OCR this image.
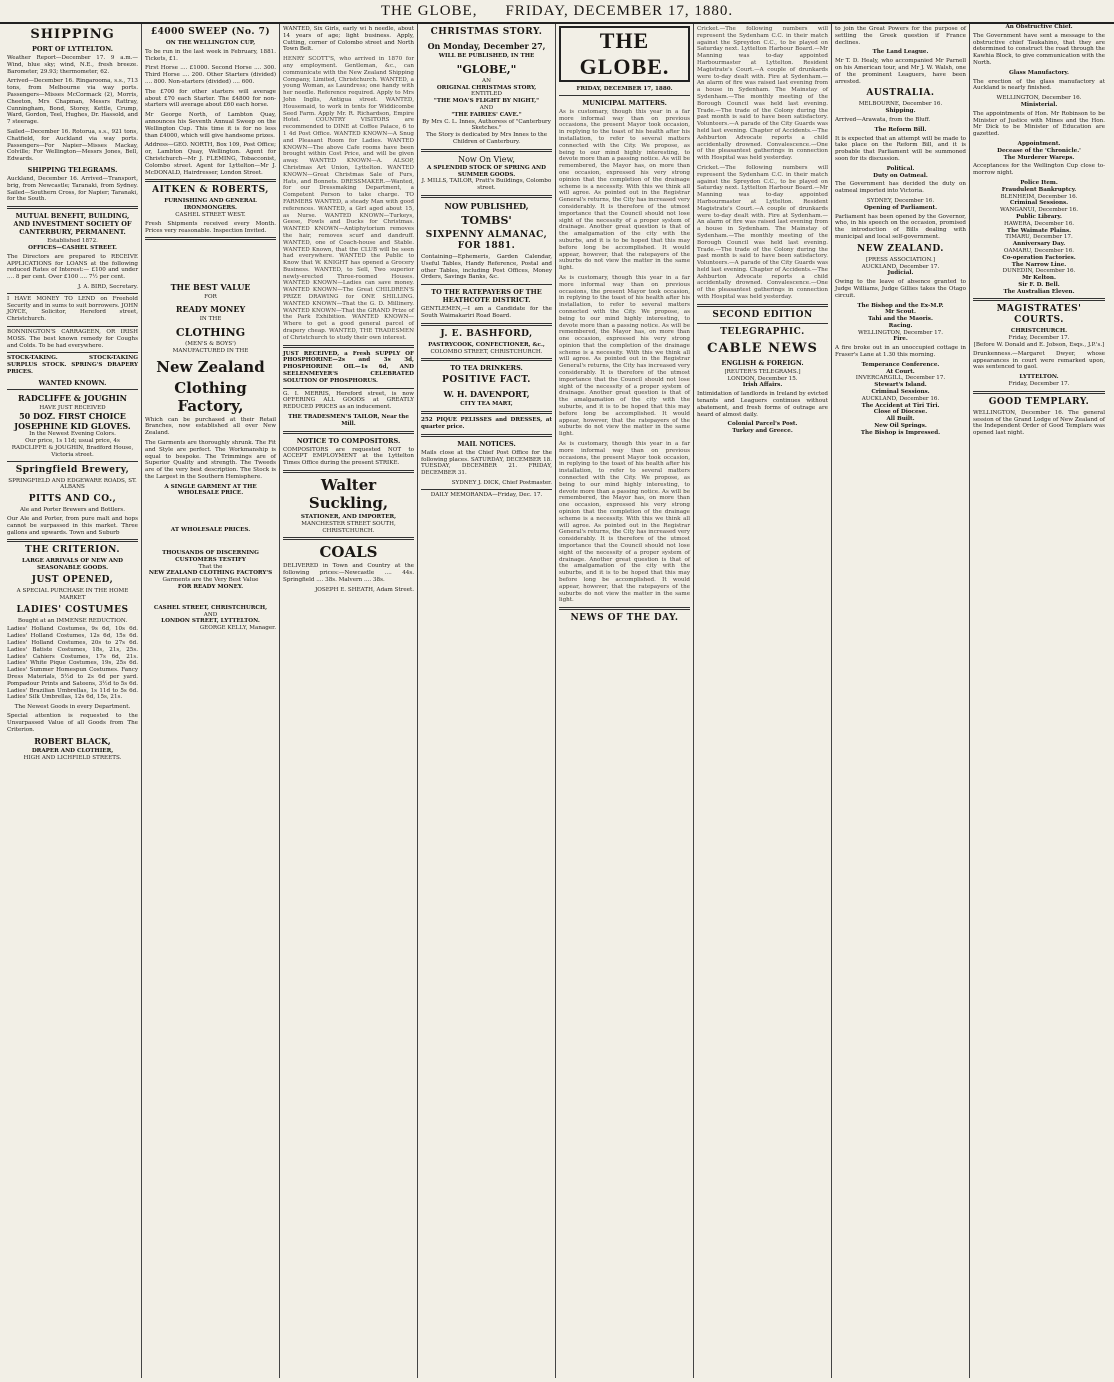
THE GLOBE, FRIDAY, DECEMBER 17, 1880.
SHIPPING
PORT OF LYTTELTON.
Weather Report—December 17. 9 a.m.—Wind, blue sky; wind, N.E., fresh breeze. Barometer, 29.93; thermometer, 62.
Arrived—December 16. Ringarooma, s.s., 713 tons, from Melbourne via way ports. Passengers—Misses McCormack (2), Morris, Cheeton, Mrs Chapman, Messrs Rattray, Cunningham, Bond, Storey, Kettle, Crump, Ward, Gordon, Teel, Hughes, Dr. Hassold, and 7 steerage.
Sailed—December 16. Rotorua, s.s., 921 tons, Chatfield, for Auckland via way ports. Passengers—For Napier—Misses Mackay, Colville; For Wellington—Messrs Jones, Bell, Edwards.
SHIPPING TELEGRAMS.
Auckland, December 16. Arrived—Transport, brig, from Newcastle; Taranaki, from Sydney. Sailed—Southern Cross, for Napier; Taranaki, for the South.
MUTUAL BENEFIT, BUILDING, AND INVESTMENT SOCIETY OF CANTERBURY, PERMANENT.
Established 1872.
OFFICES—CASHEL STREET.
The Directors are prepared to RECEIVE APPLICATIONS for LOANS at the following reduced Rates of Interest:— £100 and under .... 8 per cent. Over £100 .... 7½ per cent.
J. A. BIRD, Secretary.
I HAVE MONEY TO LEND on Freehold Security and in sums to suit borrowers. JOHN JOYCE, Solicitor, Hereford street, Christchurch.
BONNINGTON'S CARRAGEEN, OR IRISH MOSS. The best known remedy for Coughs and Colds. To be had everywhere.
STOCK-TAKING. STOCK-TAKING SURPLUS STOCK. SPRING'S DRAPERY PRICES.
WANTED KNOWN.
RADCLIFFE & JOUGHIN
HAVE JUST RECEIVED
50 DOZ. FIRST CHOICE JOSEPHINE KID GLOVES.
In the Newest Evening Colors.
Our price, 1s 11d; usual price, 4s
RADCLIFFE & JOUGHIN, Bradford House, Victoria street.
Springfield Brewery,
SPRINGFIELD AND EDGEWARE ROADS, ST. ALBANS
PITTS AND CO.,
Ale and Porter Brewers and Bottlers.
Our Ale and Porter, from pure malt and hops cannot be surpassed in this market. Three gallons and upwards. Town and Suburb
THE CRITERION.
LARGE ARRIVALS OF NEW AND SEASONABLE GOODS.
JUST OPENED,
A SPECIAL PURCHASE IN THE HOME MARKET
LADIES' COSTUMES
Bought at an IMMENSE REDUCTION.
Ladies' Holland Costumes, 9s 6d, 10s 6d. Ladies' Holland Costumes, 12s 6d, 15s 6d. Ladies' Holland Costumes, 20s to 27s 6d. Ladies' Batiste Costumes, 18s, 21s, 25s. Ladies' Cahiers Costumes, 17s 6d, 21s. Ladies' White Pique Costumes, 19s, 25s 6d. Ladies' Summer Homespun Costumes. Fancy Dress Materials, 5½d to 2s 6d per yard. Pompadour Prints and Sateens, 3½d to 5s 6d. Ladies' Brazilian Umbrellas, 1s 11d to 5s 6d. Ladies' Silk Umbrellas, 12s 6d, 15s, 21s.
The Newest Goods in every Department.
Special attention is requested to the Unsurpassed Value of all Goods from The Criterion.
ROBERT BLACK,
DRAPER AND CLOTHIER,
HIGH AND LICHFIELD STREETS.
£4000 SWEEP (No. 7)
ON THE WELLINGTON CUP,
To be run in the last week in February, 1881. Tickets, £1.
First Horse .... £1000. Second Horse .... 300. Third Horse .... 200. Other Starters (divided) .... 800. Non-starters (divided) .... 600.
The £700 for other starters will average about £70 each Starter. The £4800 for non-starters will average about £60 each horse.
Mr George North, of Lambton Quay, announces his Seventh Annual Sweep on the Wellington Cup. This time it is for no less than £4000, which will give handsome prizes.
Address—GEO. NORTH, Box 109, Post Office; or, Lambton Quay, Wellington. Agent for Christchurch—Mr J. FLEMING, Tobacconist, Colombo street. Agent for Lyttelton—Mr J. McDONALD, Hairdresser, London Street.
AITKEN & ROBERTS,
FURNISHING AND GENERAL IRONMONGERS.
CASHEL STREET WEST.
Fresh Shipments received every Month. Prices very reasonable. Inspection Invited.
THE BEST VALUE
FOR
READY MONEY
IN THE
CLOTHING
(MEN'S & BOYS')
MANUFACTURED IN THE
New Zealand
Clothing Factory,
Which can be purchased at their Retail Branches, now established all over New Zealand.
The Garments are thoroughly shrunk. The Fit and Style are perfect. The Workmanship is equal to bespoke. The Trimmings are of Superior Quality and strength. The Tweeds are of the very best description. The Stock is the Largest in the Southern Hemisphere.
A SINGLE GARMENT AT THE WHOLESALE PRICE.
AT WHOLESALE PRICES.
THOUSANDS OF DISCERNING CUSTOMERS TESTIFY
That the
NEW ZEALAND CLOTHING FACTORY'S
Garments are the Very Best Value
FOR READY MONEY.
CASHEL STREET, CHRISTCHURCH,
AND
LONDON STREET, LYTTELTON.
GEORGE KELLY, Manager.
WANTED, Six Girls, early wi h needle, about 14 years of age; light business. Apply, Cutting, corner of Colombo street and North Town Belt.
HENRY SCOTT'S, who arrived in 1870 for any employment. Gentleman, &c., can communicate with the New Zealand Shipping Company, Limited, Christchurch. WANTED, a young Woman, as Laundress; one handy with her needle. Reference required. Apply to Mrs John Inglis, Antigua street. WANTED, Housemaid, to work in tents for Widdicombe Seed Farm. Apply Mr. R. Richardson, Empire Hotel. COUNTRY VISITORS are recommended to DINE at Coffee Palace, 6 to 1 4d Post Office. WANTED KNOWN—A Snug and Pleasant Room for Ladies. WANTED KNOWN—The above Cafe rooms have been brought within Cost Price, and will be given away. WANTED KNOWN—A. ALSOP, Christmas Art Union, Lyttelton. WANTED KNOWN—Great Christmas Sale of Furs, Hats, and Bonnets. DRESSMAKER.—Wanted, for our Dressmaking Department, a Competent Person to take charge. TO FARMERS WANTED, a steady Man with good references. WANTED, a Girl aged about 15, as Nurse. WANTED KNOWN—Turkeys, Geese, Fowls and Ducks for Christmas. WANTED KNOWN—Antiphytorium removes the hair, removes scurf and dandruff. WANTED, one of Coach-house and Stable. WANTED Known, that the CLUB will be seen had everywhere. WANTED the Public to Know that W. KNIGHT has opened a Grocery Business. WANTED, to Sell, Two superior newly-erected Three-roomed Houses. WANTED KNOWN—Ladies can save money. WANTED KNOWN—The Great CHILDREN'S PRIZE DRAWING for ONE SHILLING. WANTED KNOWN—That the G. D. Millinery. WANTED KNOWN—That the GRAND Prize of the Park Exhibition. WANTED KNOWN—Where to get a good general parcel of drapery cheap. WANTED, THE TRADESMEN of Christchurch to study their own interest.
JUST RECEIVED, a Fresh SUPPLY OF PHOSPHORINE—2s and 3s 3d, PHOSPHORINE OIL—1s 6d, AND SEELENMEYER'S CELEBRATED SOLUTION OF PHOSPHORUS.
G. I. MERRIS, Hereford street, is now OFFERING ALL GOODS at GREATLY REDUCED PRICES as an inducement.
THE TRADESMEN'S TAILOR, Near the Mill.
NOTICE TO COMPOSITORS.
COMPOSITORS are requested NOT to ACCEPT EMPLOYMENT at the Lyttelton Times Office during the present STRIKE.
Walter Suckling,
STATIONER, AND IMPORTER,
MANCHESTER STREET SOUTH, CHRISTCHURCH.
COALS
DELIVERED in Town and Country at the following prices:—Newcastle .... 44s. Springfield .... 38s. Malvern .... 38s.
JOSEPH E. SHEATH, Adam Street.
CHRISTMAS STORY.
On Monday, December 27,
WILL BE PUBLISHED, IN THE
"GLOBE,"
AN
ORIGINAL CHRISTMAS STORY,
ENTITLED
"THE MOA'S FLIGHT BY NIGHT,"
AND
"THE FAIRIES' CAVE."
By Mrs C. L. Innes, Authoress of "Canterbury Sketches."
The Story is dedicated by Mrs Innes to the Children of Canterbury.
Now On View,
A SPLENDID STOCK OF SPRING AND SUMMER GOODS.
J. MILLS, TAILOR, Pratt's Buildings, Colombo street.
NOW PUBLISHED,
TOMBS'
SIXPENNY ALMANAC, FOR 1881.
Containing—Ephemeris, Garden Calendar, Useful Tables, Handy Reference, Postal and other Tables, including Post Offices, Money Orders, Savings Banks, &c.
TO THE RATEPAYERS OF THE HEATHCOTE DISTRICT.
GENTLEMEN,—I am a Candidate for the South Waimakariri Road Board.
J. E. BASHFORD,
PASTRYCOOK, CONFECTIONER, &c.,
COLOMBO STREET, CHRISTCHURCH.
TO TEA DRINKERS.
POSITIVE FACT.
W. H. DAVENPORT,
CITY TEA MART,
252 PIQUE PELISSES and DRESSES, at quarter price.
MAIL NOTICES.
Mails close at the Chief Post Office for the following places. SATURDAY, DECEMBER 18. TUESDAY, DECEMBER 21. FRIDAY, DECEMBER 31.
SYDNEY J. DICK, Chief Postmaster.
DAILY MEMORANDA—Friday, Dec. 17.
THE GLOBE.
FRIDAY, DECEMBER 17, 1880.
MUNICIPAL MATTERS.
As is customary, though this year in a far more informal way than on previous occasions, the present Mayor took occasion, in replying to the toast of his health after his installation, to refer to several matters connected with the City. We propose, as being to our mind highly interesting, to devote more than a passing notice. As will be remembered, the Mayor has, on more than one occasion, expressed his very strong opinion that the completion of the drainage scheme is a necessity. With this we think all will agree. As pointed out in the Registrar General's returns, the City has increased very considerably. It is therefore of the utmost importance that the Council should not lose sight of the necessity of a proper system of drainage. Another great question is that of the amalgamation of the city with the suburbs, and it is to be hoped that this may before long be accomplished. It would appear, however, that the ratepayers of the suburbs do not view the matter in the same light.
As is customary, though this year in a far more informal way than on previous occasions, the present Mayor took occasion, in replying to the toast of his health after his installation, to refer to several matters connected with the City. We propose, as being to our mind highly interesting, to devote more than a passing notice. As will be remembered, the Mayor has, on more than one occasion, expressed his very strong opinion that the completion of the drainage scheme is a necessity. With this we think all will agree. As pointed out in the Registrar General's returns, the City has increased very considerably. It is therefore of the utmost importance that the Council should not lose sight of the necessity of a proper system of drainage. Another great question is that of the amalgamation of the city with the suburbs, and it is to be hoped that this may before long be accomplished. It would appear, however, that the ratepayers of the suburbs do not view the matter in the same light.
As is customary, though this year in a far more informal way than on previous occasions, the present Mayor took occasion, in replying to the toast of his health after his installation, to refer to several matters connected with the City. We propose, as being to our mind highly interesting, to devote more than a passing notice. As will be remembered, the Mayor has, on more than one occasion, expressed his very strong opinion that the completion of the drainage scheme is a necessity. With this we think all will agree. As pointed out in the Registrar General's returns, the City has increased very considerably. It is therefore of the utmost importance that the Council should not lose sight of the necessity of a proper system of drainage. Another great question is that of the amalgamation of the city with the suburbs, and it is to be hoped that this may before long be accomplished. It would appear, however, that the ratepayers of the suburbs do not view the matter in the same light.
NEWS OF THE DAY.
Cricket.—The following numbers will represent the Sydenham C.C. in their match against the Spreydon C.C., to be played on Saturday next. Lyttelton Harbour Board.—Mr Manning was to-day appointed Harbourmaster at Lyttelton. Resident Magistrate's Court.—A couple of drunkards were to-day dealt with. Fire at Sydenham.—An alarm of fire was raised last evening from a house in Sydenham. The Mainstay of Sydenham.—The monthly meeting of the Borough Council was held last evening. Trade.—The trade of the Colony during the past month is said to have been satisfactory. Volunteers.—A parade of the City Guards was held last evening. Chapter of Accidents.—The Ashburton Advocate reports a child accidentally drowned. Convalescence.—One of the pleasantest gatherings in connection with Hospital was held yesterday.
Cricket.—The following numbers will represent the Sydenham C.C. in their match against the Spreydon C.C., to be played on Saturday next. Lyttelton Harbour Board.—Mr Manning was to-day appointed Harbourmaster at Lyttelton. Resident Magistrate's Court.—A couple of drunkards were to-day dealt with. Fire at Sydenham.—An alarm of fire was raised last evening from a house in Sydenham. The Mainstay of Sydenham.—The monthly meeting of the Borough Council was held last evening. Trade.—The trade of the Colony during the past month is said to have been satisfactory. Volunteers.—A parade of the City Guards was held last evening. Chapter of Accidents.—The Ashburton Advocate reports a child accidentally drowned. Convalescence.—One of the pleasantest gatherings in connection with Hospital was held yesterday.
SECOND EDITION
TELEGRAPHIC.
CABLE NEWS
ENGLISH & FOREIGN.
[REUTER'S TELEGRAMS.]
LONDON, December 15.
Irish Affairs.
Intimidation of landlords in Ireland by evicted tenants and Leaguers continues without abatement, and fresh forms of outrage are heard of almost daily.
Colonial Parcel's Post.
Turkey and Greece.
to join the Great Powers for the purpose of settling the Greek question if France declines.
The Land League.
Mr T. D. Healy, who accompanied Mr Parnell on his American tour, and Mr J. W. Walsh, one of the prominent Leaguers, have been arrested.
AUSTRALIA.
MELBOURNE, December 16.
Shipping.
Arrived—Arawata, from the Bluff.
The Reform Bill.
It is expected that an attempt will be made to take place on the Reform Bill, and it is probable that Parliament will be summoned soon for its discussion.
Political.
Duty on Oatmeal.
The Government has decided the duty on oatmeal imported into Victoria.
SYDNEY, December 16.
Opening of Parliament.
Parliament has been opened by the Governor, who, in his speech on the occasion, promised the introduction of Bills dealing with municipal and local self-government.
NEW ZEALAND.
[PRESS ASSOCIATION.]
AUCKLAND, December 17.
Judicial.
Owing to the leave of absence granted to Judge Williams, Judge Gillies takes the Otago circuit.
The Bishop and the Ex-M.P.
Mr Scout.
Tahi and the Maoris.
Racing.
WELLINGTON, December 17.
Fire.
A fire broke out in an unoccupied cottage in Fraser's Lane at 1.30 this morning.
Temperance Conference.
At Court.
INVERCARGILL, December 17.
Stewart's Island.
Criminal Sessions.
AUCKLAND, December 16.
The Accident at Tiri Tiri.
Close of Diocese.
All Built.
New Oil Springs.
The Bishop is Impressed.
An Obstructive Chief.
The Government have sent a message to the obstructive chief Taukahino, that they are determined to construct the road through the Kawhia Block, to give communication with the North.
Glass Manufactory.
The erection of the glass manufactory at Auckland is nearly finished.
WELLINGTON, December 16.
Ministerial.
The appointments of Hon. Mr Robinson to be Minister of Justice with Mines and the Hon. Mr Dick to be Minister of Education are gazetted.
Appointment.
Decease of the 'Chronicle.'
The Murderer Wareps.
Acceptances for the Wellington Cup close to-morrow night.
Police Item.
Fraudulent Bankruptcy.
BLENHEIM, December 16.
Criminal Sessions.
WANGANUI, December 16.
Public Library.
HAWERA, December 16.
The Waimate Plains.
TIMARU, December 17.
Anniversary Day.
OAMARU, December 16.
Co-operation Factories.
The Narrow Line.
DUNEDIN, December 16.
Mr Kelton.
Sir F. D. Bell.
The Australian Eleven.
MAGISTRATES' COURTS.
CHRISTCHURCH.
Friday, December 17.
[Before W. Donald and E. Jobson, Esqs., J.P.'s.]
Drunkenness.—Margaret Dwyer, whose appearances in court were remarked upon, was sentenced to gaol.
LYTTELTON.
Friday, December 17.
GOOD TEMPLARY.
WELLINGTON, December 16. The general session of the Grand Lodge of New Zealand of the Independent Order of Good Templars was opened last night.
